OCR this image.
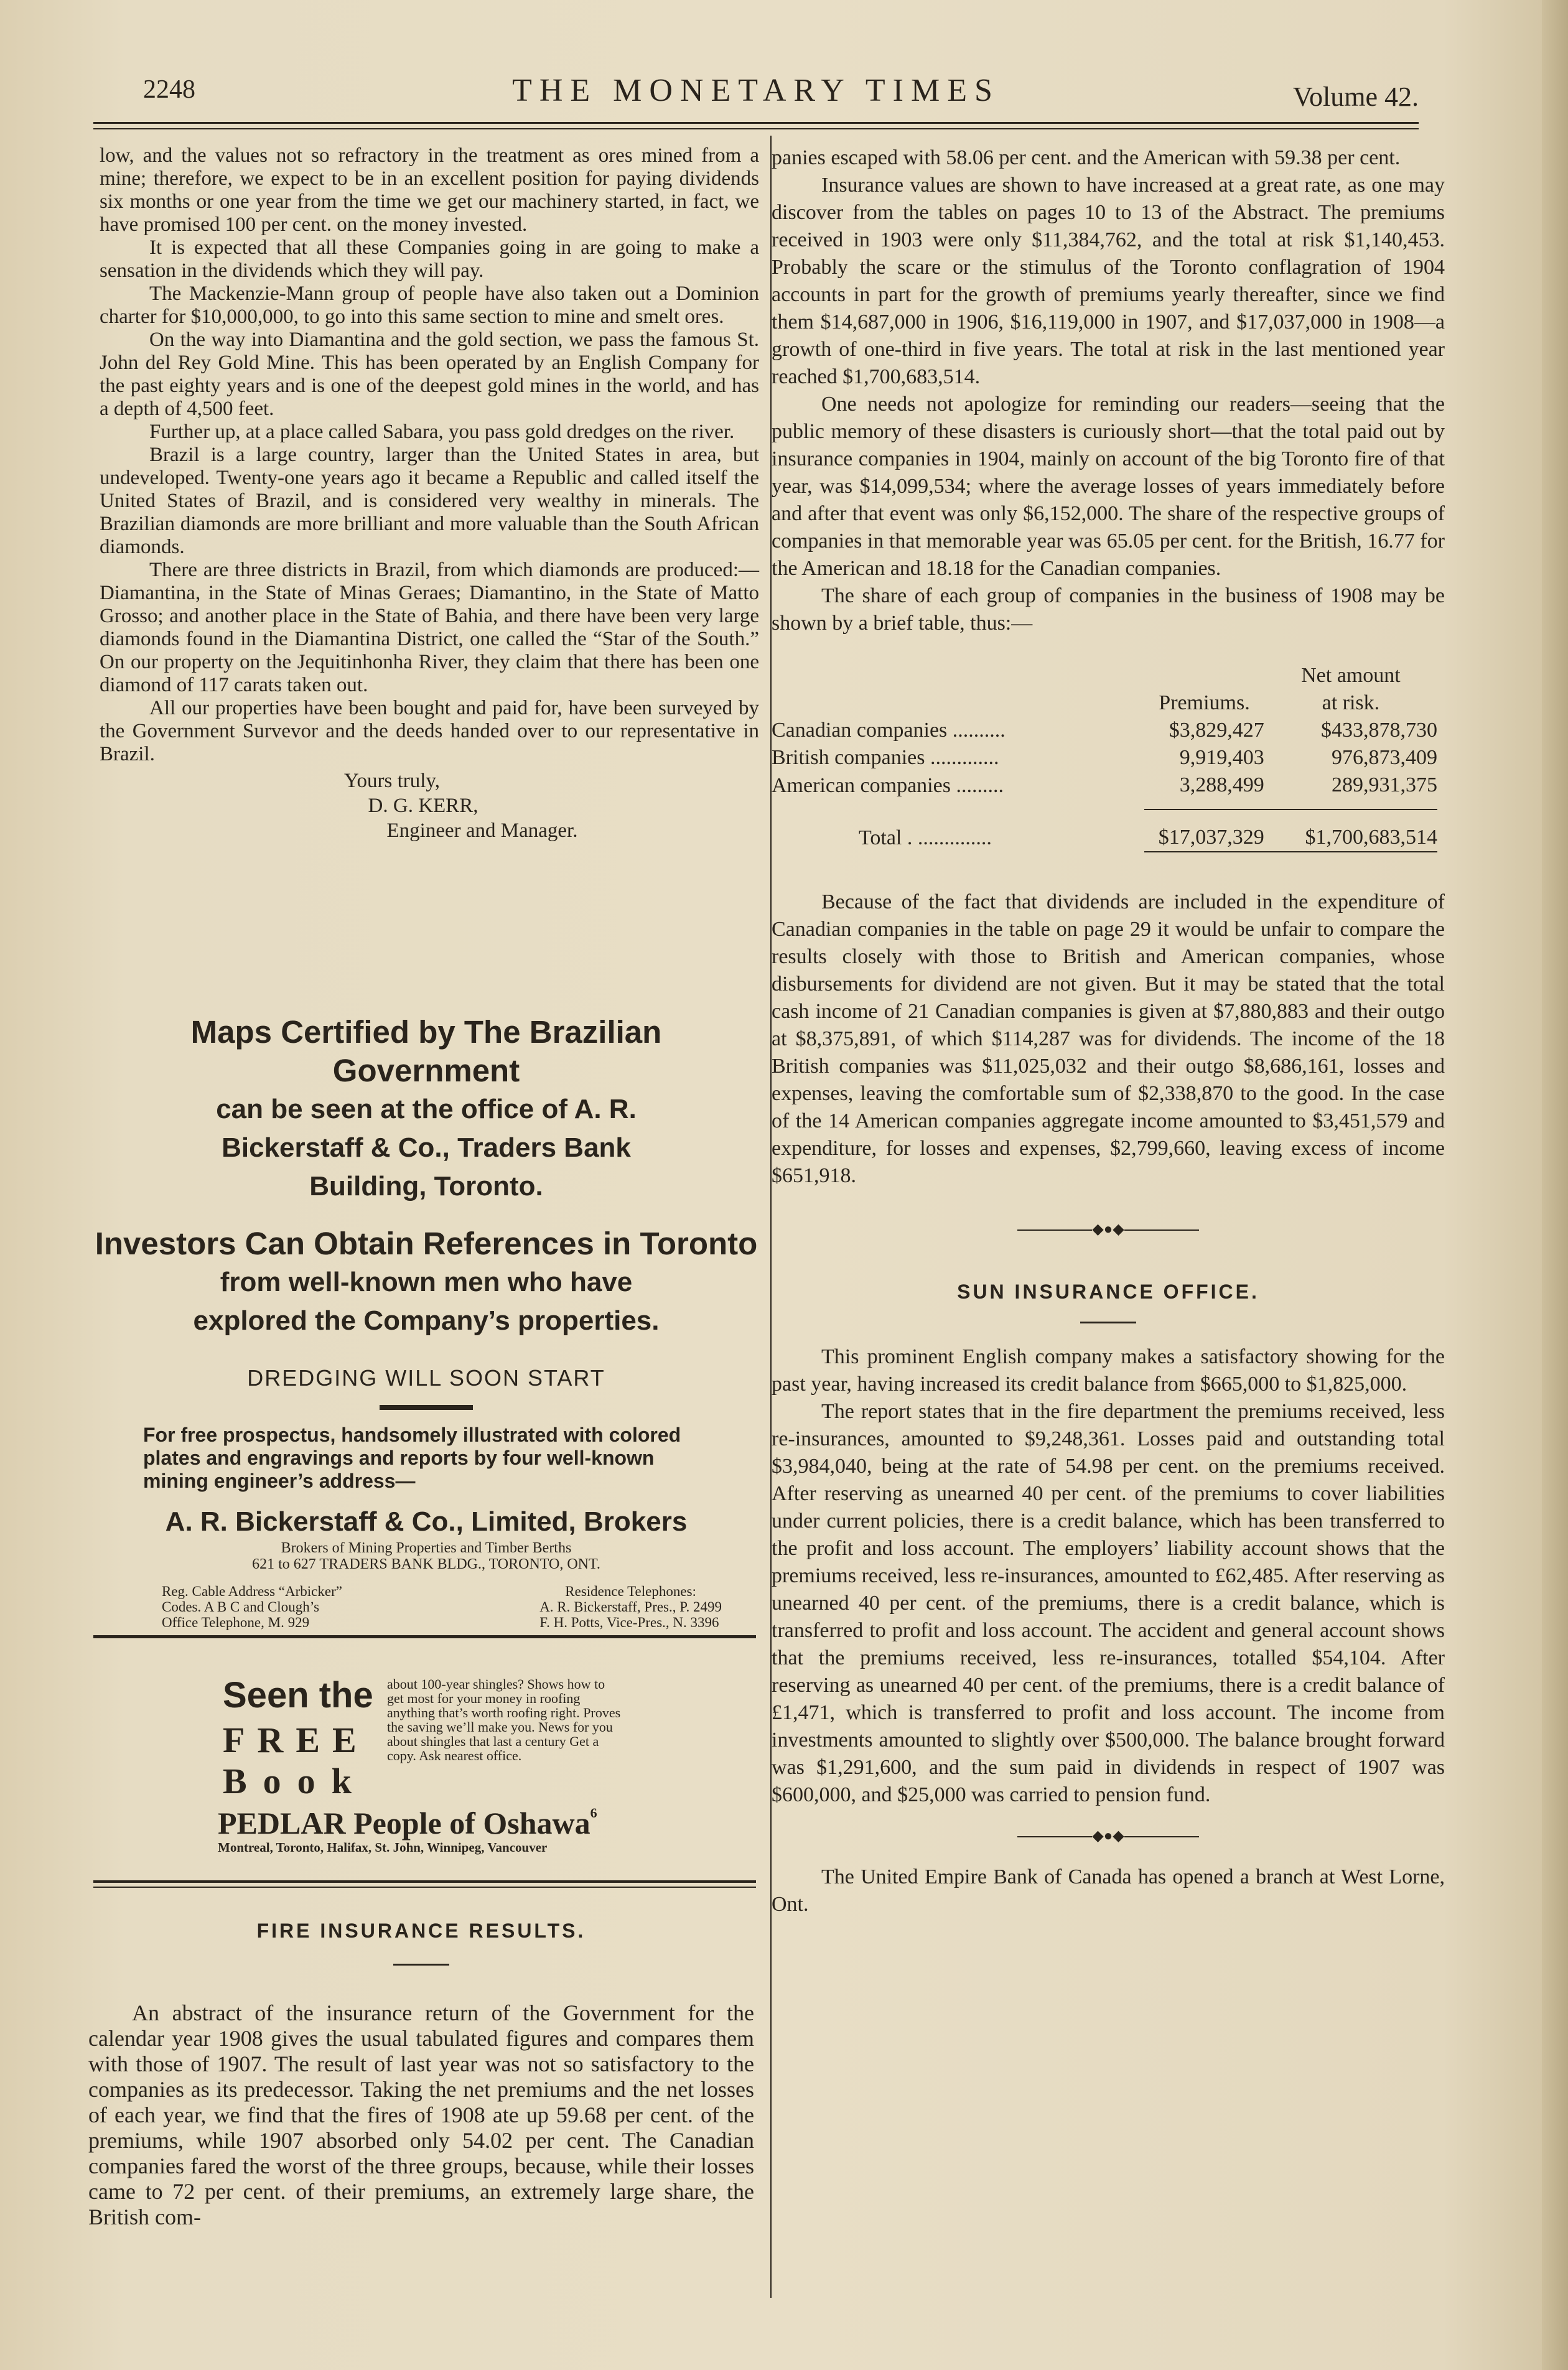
2248	THE MONETARY TIMES	Volume 42.

low, and the values not so refractory in the treatment as ores mined from a mine; therefore, we expect to be in an excellent position for paying dividends six months or one year from the time we get our machinery started, in fact, we have promised 100 per cent. on the money invested.

It is expected that all these Companies going in are going to make a sensation in the dividends which they will pay.

The Mackenzie-Mann group of people have also taken out a Dominion charter for $10,000,000, to go into this same section to mine and smelt ores.

On the way into Diamantina and the gold section, we pass the famous St. John del Rey Gold Mine. This has been operated by an English Company for the past eighty years and is one of the deepest gold mines in the world, and has a depth of 4,500 feet.

Further up, at a place called Sabara, you pass gold dredges on the river.

Brazil is a large country, larger than the United States in area, but undeveloped. Twenty-one years ago it became a Republic and called itself the United States of Brazil, and is considered very wealthy in minerals. The Brazilian diamonds are more brilliant and more valuable than the South African diamonds.

There are three districts in Brazil, from which diamonds are produced:—Diamantina, in the State of Minas Geraes; Diamantino, in the State of Matto Grosso; and another place in the State of Bahia, and there have been very large diamonds found in the Diamantina District, one called the “Star of the South.” On our property on the Jequitinhonha River, they claim that there has been one diamond of 117 carats taken out.

All our properties have been bought and paid for, have been surveyed by the Government Survevor and the deeds handed over to our representative in Brazil.

Yours truly,
D. G. KERR,
Engineer and Manager.
Maps Certified by The Brazilian Government
can be seen at the office of A. R.
Bickerstaff & Co., Traders Bank
Building, Toronto.
Investors Can Obtain References in Toronto
from well-known men who have
explored the Company’s properties.
DREDGING WILL SOON START
For free prospectus, handsomely illustrated with colored plates and engravings and reports by four well-known mining engineer’s address—
A. R. Bickerstaff & Co., Limited, Brokers
Brokers of Mining Properties and Timber Berths
621 to 627 TRADERS BANK BLDG., TORONTO, ONT.
Reg. Cable Address “Arbicker”
Codes. A B C and Clough’s
Office Telephone, M. 929
Residence Telephones:
A. R. Bickerstaff, Pres., P. 2499
F. H. Potts, Vice-Pres., N. 3396
Seen the
FREE
Book
about 100-year shingles? Shows how to get most for your money in roofing anything that’s worth roofing right. Proves the saving we’ll make you. News for you about shingles that last a century Get a copy. Ask nearest office.
PEDLAR People of Oshawa$^6$
Montreal, Toronto, Halifax, St. John, Winnipeg, Vancouver
FIRE INSURANCE RESULTS.

An abstract of the insurance return of the Government for the calendar year 1908 gives the usual tabulated figures and compares them with those of 1907. The result of last year was not so satisfactory to the companies as its predecessor. Taking the net premiums and the net losses of each year, we find that the fires of 1908 ate up 59.68 per cent. of the premiums, while 1907 absorbed only 54.02 per cent. The Canadian companies fared the worst of the three groups, because, while their losses came to 72 per cent. of their premiums, an extremely large share, the British com-

panies escaped with 58.06 per cent. and the American with 59.38 per cent.

Insurance values are shown to have increased at a great rate, as one may discover from the tables on pages 10 to 13 of the Abstract. The premiums received in 1903 were only $11,384,762, and the total at risk $1,140,453. Probably the scare or the stimulus of the Toronto conflagration of 1904 accounts in part for the growth of premiums yearly thereafter, since we find them $14,687,000 in 1906, $16,119,000 in 1907, and $17,037,000 in 1908—a growth of one-third in five years. The total at risk in the last mentioned year reached $1,700,683,514.

One needs not apologize for reminding our readers—seeing that the public memory of these disasters is curiously short—that the total paid out by insurance companies in 1904, mainly on account of the big Toronto fire of that year, was $14,099,534; where the average losses of years immediately before and after that event was only $6,152,000. The share of the respective groups of companies in that memorable year was 65.05 per cent. for the British, 16.77 for the American and 18.18 for the Canadian companies.

The share of each group of companies in the business of 1908 may be shown by a brief table, thus:—

		Net amount
	Premiums.	at risk.
Canadian companies ..........	$3,829,427	$433,878,730
British companies .............	9,919,403	976,873,409
American companies .........	3,288,499	289,931,375
Total . ..............	$17,037,329	$1,700,683,514

Because of the fact that dividends are included in the expenditure of Canadian companies in the table on page 29 it would be unfair to compare the results closely with those to British and American companies, whose disbursements for dividend are not given. But it may be stated that the total cash income of 21 Canadian companies is given at $7,880,883 and their outgo at $8,375,891, of which $114,287 was for dividends. The income of the 18 British companies was $11,025,032 and their outgo $8,686,161, losses and expenses, leaving the comfortable sum of $2,338,870 to the good. In the case of the 14 American companies aggregate income amounted to $3,451,579 and expenditure, for losses and expenses, $2,799,660, leaving excess of income $651,918.

◆●◆
SUN INSURANCE OFFICE.

This prominent English company makes a satisfactory showing for the past year, having increased its credit balance from $665,000 to $1,825,000.

The report states that in the fire department the premiums received, less re-insurances, amounted to $9,248,361. Losses paid and outstanding total $3,984,040, being at the rate of 54.98 per cent. on the premiums received. After reserving as unearned 40 per cent. of the premiums to cover liabilities under current policies, there is a credit balance, which has been transferred to the profit and loss account. The employers’ liability account shows that the premiums received, less re-insurances, amounted to £62,485. After reserving as unearned 40 per cent. of the premiums, there is a credit balance, which is transferred to profit and loss account. The accident and general account shows that the premiums received, less re-insurances, totalled $54,104. After reserving as unearned 40 per cent. of the premiums, there is a credit balance of £1,471, which is transferred to profit and loss account. The income from investments amounted to slightly over $500,000. The balance brought forward was $1,291,600, and the sum paid in dividends in respect of 1907 was $600,000, and $25,000 was carried to pension fund.

◆●◆

The United Empire Bank of Canada has opened a branch at West Lorne, Ont.
